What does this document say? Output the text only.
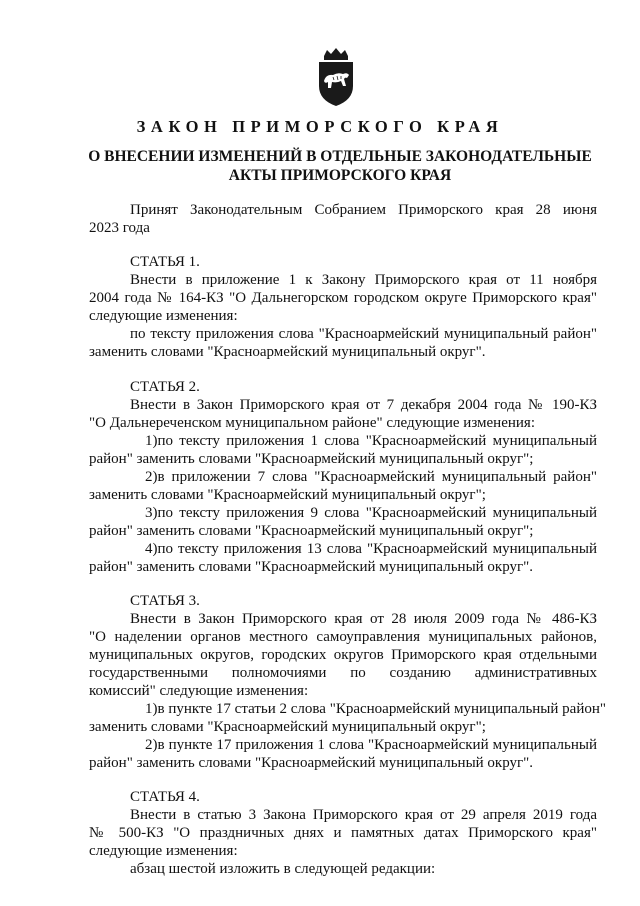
ЗАКОН ПРИМОРСКОГО КРАЯ
О ВНЕСЕНИИ ИЗМЕНЕНИЙ В ОТДЕЛЬНЫЕ ЗАКОНОДАТЕЛЬНЫЕ
АКТЫ ПРИМОРСКОГО КРАЯ
Принят Законодательным Собранием Приморского края 28 июня
2023 года
СТАТЬЯ 1.
Внести в приложение 1 к Закону Приморского края от 11 ноября
2004 года № 164-КЗ "О Дальнегорском городском округе Приморского края"
следующие изменения:
по тексту приложения слова "Красноармейский муниципальный район"
заменить словами "Красноармейский муниципальный округ".
СТАТЬЯ 2.
Внести в Закон Приморского края от 7 декабря 2004 года № 190-КЗ
"О Дальнереченском муниципальном районе" следующие изменения:
1)по тексту приложения 1 слова "Красноармейский муниципальный
район" заменить словами "Красноармейский муниципальный округ";
2)в приложении 7 слова "Красноармейский муниципальный район"
заменить словами "Красноармейский муниципальный округ";
3)по тексту приложения 9 слова "Красноармейский муниципальный
район" заменить словами "Красноармейский муниципальный округ";
4)по тексту приложения 13 слова "Красноармейский муниципальный
район" заменить словами "Красноармейский муниципальный округ".
СТАТЬЯ 3.
Внести в Закон Приморского края от 28 июля 2009 года № 486-КЗ
"О наделении органов местного самоуправления муниципальных районов,
муниципальных округов, городских округов Приморского края отдельными
государственными полномочиями по созданию административных
комиссий" следующие изменения:
1)в пункте 17 статьи 2 слова "Красноармейский муниципальный район"
заменить словами "Красноармейский муниципальный округ";
2)в пункте 17 приложения 1 слова "Красноармейский муниципальный
район" заменить словами "Красноармейский муниципальный округ".
СТАТЬЯ 4.
Внести в статью 3 Закона Приморского края от 29 апреля 2019 года
№ 500-КЗ "О праздничных днях и памятных датах Приморского края"
следующие изменения:
абзац шестой изложить в следующей редакции:
